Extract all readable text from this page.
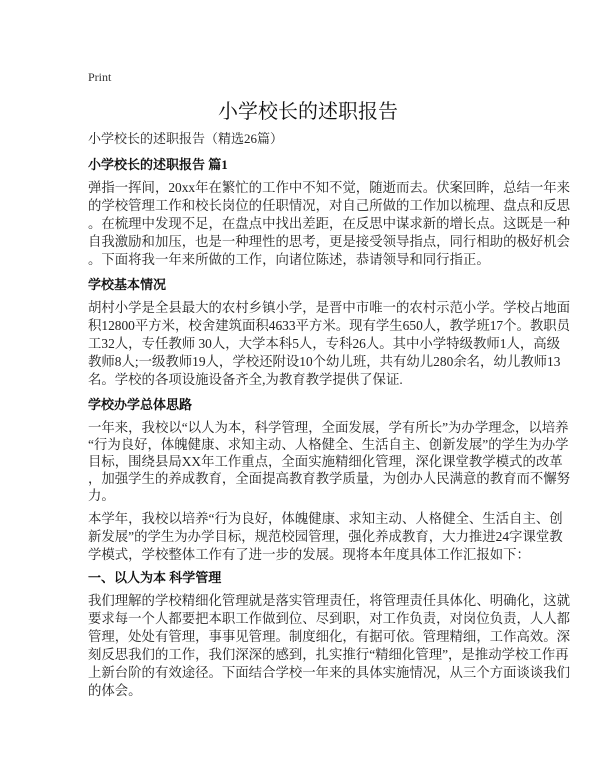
Print
小学校长的述职报告
小学校长的述职报告（精选26篇）
小学校长的述职报告 篇1
弹指一挥间，20xx年在繁忙的工作中不知不觉，随逝而去。伏案回眸，总结一年来
的学校管理工作和校长岗位的任职情况，对自己所做的工作加以梳理、盘点和反思
。在梳理中发现不足，在盘点中找出差距，在反思中谋求新的增长点。这既是一种
自我激励和加压，也是一种理性的思考，更是接受领导指点，同行相助的极好机会
。下面将我一年来所做的工作，向诸位陈述，恭请领导和同行指正。
学校基本情况
胡村小学是全县最大的农村乡镇小学，是晋中市唯一的农村示范小学。学校占地面
积12800平方米，校舍建筑面积4633平方米。现有学生650人，教学班17个。教职员
工32人，专任教师 30人，大学本科5人，专科26人。其中小学特级教师1人，高级
教师8人;一级教师19人，学校还附设10个幼儿班，共有幼儿280余名，幼儿教师13
名。学校的各项设施设备齐全,为教育教学提供了保证.
学校办学总体思路
一年来，我校以“以人为本，科学管理，全面发展，学有所长”为办学理念，以培养
“行为良好，体魄健康、求知主动、人格健全、生活自主、创新发展”的学生为办学
目标，围绕县局XX年工作重点，全面实施精细化管理，深化课堂教学模式的改革
，加强学生的养成教育，全面提高教育教学质量，为创办人民满意的教育而不懈努
力。
本学年，我校以培养“行为良好，体魄健康、求知主动、人格健全、生活自主、创
新发展”的学生为办学目标，规范校园管理，强化养成教育，大力推进24字课堂教
学模式，学校整体工作有了进一步的发展。现将本年度具体工作汇报如下：
一、以人为本 科学管理
我们理解的学校精细化管理就是落实管理责任，将管理责任具体化、明确化，这就
要求每一个人都要把本职工作做到位、尽到职，对工作负责，对岗位负责，人人都
管理，处处有管理，事事见管理。制度细化，有据可依。管理精细，工作高效。深
刻反思我们的工作，我们深深的感到，扎实推行“精细化管理”，是推动学校工作再
上新台阶的有效途径。下面结合学校一年来的具体实施情况，从三个方面谈谈我们
的体会。
